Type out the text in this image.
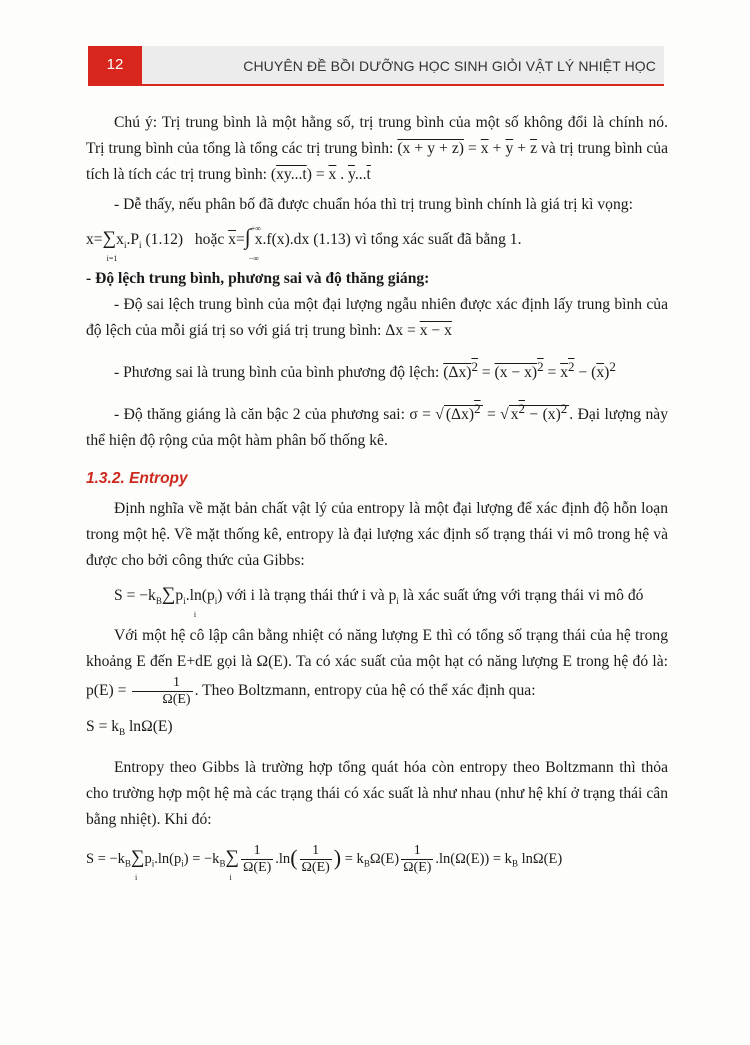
12	CHUYÊN ĐỀ BỒI DƯỠNG HỌC SINH GIỎI VẬT LÝ NHIỆT HỌC

Chú ý: Trị trung bình là một hằng số, trị trung bình của một số không đổi là chính nó. Trị trung bình của tổng là tổng các trị trung bình: $(x + y + z) = \overline{x} + \overline{y} + \overline{z}$ và trị trung bình của tích là tích các trị trung bình: $(xy...t) = \overline{x}$ . $\overline{y}...\overline{t}$

- Dễ thấy, nếu phân bố đã được chuẩn hóa thì trị trung bình chính là giá trị kì vọng:

x=∑
i=1
$x_i.P_i$ (1.12) hoặc $\overline{x}=\int$ +∞
−∞
x.f(x).dx (1.13) vì tổng xác suất đã bằng 1.

- Độ lệch trung bình, phương sai và độ thăng giáng:

- Độ sai lệch trung bình của một đại lượng ngẫu nhiên được xác định lấy trung bình của độ lệch của mỗi giá trị so với giá trị trung bình: Δx = x − x

- Phương sai là trung bình của bình phương độ lệch: $(\Delta x)^2 = (x - x)^2 = x^2 - (\overline{x})^2$

- Độ thăng giáng là căn bậc 2 của phương sai: σ = √ $(\Delta x)^2$ = √ $x^2 - (\overline{x})^2$ . Đại lượng này thể hiện độ rộng của một hàm phân bố thống kê.

1.3.2. Entropy

Định nghĩa về mặt bản chất vật lý của entropy là một đại lượng để xác định độ hỗn loạn trong một hệ. Về mặt thống kê, entropy là đại lượng xác định số trạng thái vi mô trong hệ và được cho bởi công thức của Gibbs:

$S = -k_B\sum$
i
$p_i.\ln(p_i)$ với i là trạng thái thứ i và $p_i$ là xác suất ứng với trạng thái vi mô đó

Với một hệ cô lập cân bằng nhiệt có năng lượng E thì có tổng số trạng thái của hệ trong khoảng E đến E+dE gọi là Ω(E). Ta có xác suất của một hạt có năng lượng E trong hệ đó là: $p(E) = \frac{1}{\Omega(E)}$ . Theo Boltzmann, entropy của hệ có thể xác định qua:

$S = k_B$ lnΩ(E)

Entropy theo Gibbs là trường hợp tổng quát hóa còn entropy theo Boltzmann thì thỏa cho trường hợp một hệ mà các trạng thái có xác suất là như nhau (như hệ khí ở trạng thái cân bằng nhiệt). Khi đó:

$S = -k_B\sum$
i
$p_i.\ln(p_i) = -k_B\sum$
i
$\frac{1}{\Omega(E)} .\ln( \frac{1}{\Omega(E)}$ ) = $k_B\Omega(E) \frac{1}{\Omega(E)} .\ln(\Omega(E)) = k_B$ lnΩ(E)
